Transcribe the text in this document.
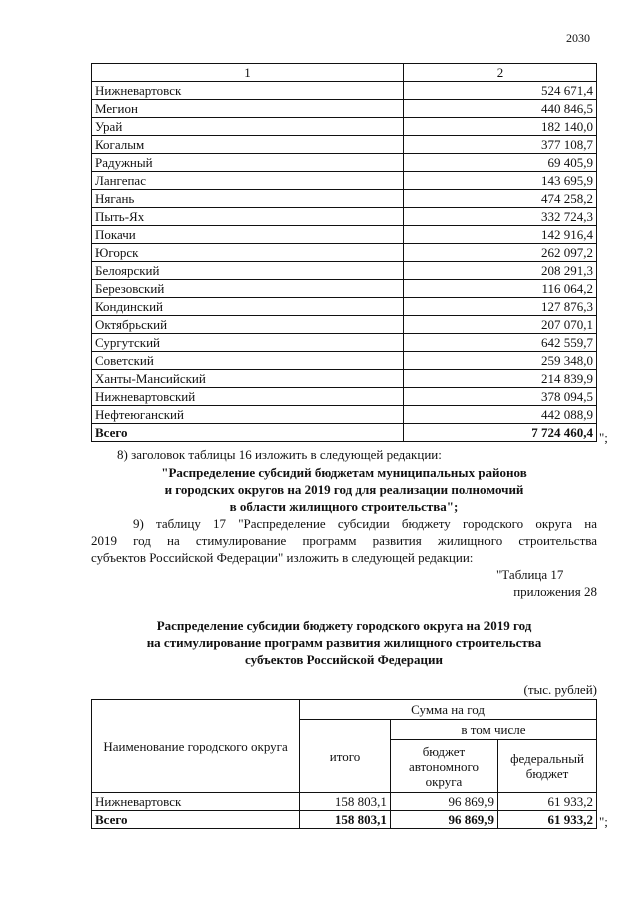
2030
1	2
Нижневартовск	524 671,4
Мегион	440 846,5
Урай	182 140,0
Когалым	377 108,7
Радужный	69 405,9
Лангепас	143 695,9
Нягань	474 258,2
Пыть-Ях	332 724,3
Покачи	142 916,4
Югорск	262 097,2
Белоярский	208 291,3
Березовский	116 064,2
Кондинский	127 876,3
Октябрьский	207 070,1
Сургутский	642 559,7
Советский	259 348,0
Ханты-Мансийский	214 839,9
Нижневартовский	378 094,5
Нефтеюганский	442 088,9
Всего	7 724 460,4 ";
8) заголовок таблицы 16 изложить в следующей редакции:
"Распределение субсидий бюджетам муниципальных районов
и городских округов на 2019 год для реализации полномочий
в области жилищного строительства";
9) таблицу 17 "Распределение субсидии бюджету городского округа на
2019 год на стимулирование программ развития жилищного строительства
субъектов Российской Федерации" изложить в следующей редакции:
"Таблица 17
приложения 28
Распределение субсидии бюджету городского округа на 2019 год
на стимулирование программ развития жилищного строительства
субъектов Российской Федерации
(тыс. рублей)
Наименование городского округа	Сумма на год		
	итого	в том числе	
		бюджет автономного округа	федеральный бюджет
Нижневартовск	158 803,1	96 869,9	61 933,2
Всего	158 803,1	96 869,9	61 933,2 ";
